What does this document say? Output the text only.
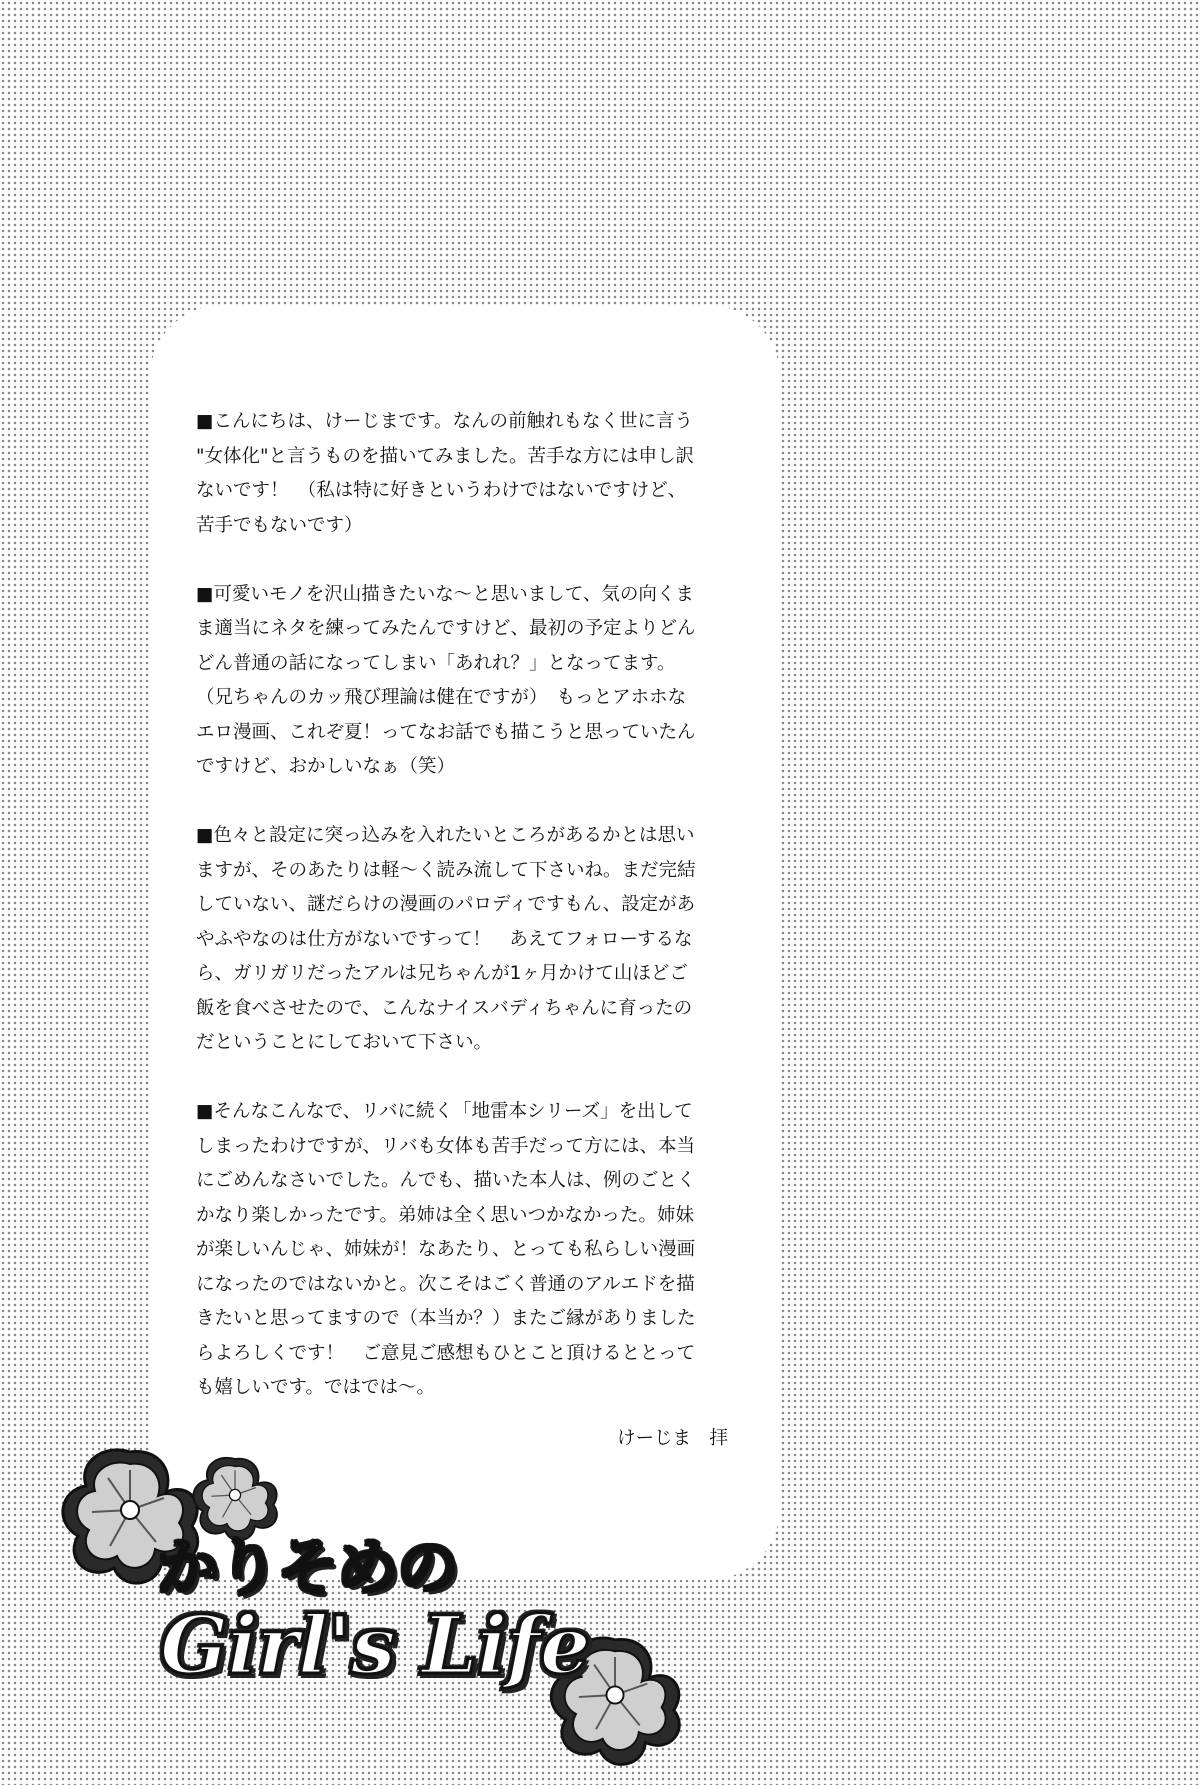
■こんにちは、けーじまです。なんの前触れもなく世に言う
"女体化"と言うものを描いてみました。苦手な方には申し訳
ないです！　（私は特に好きというわけではないですけど、
苦手でもないです）

■可愛いモノを沢山描きたいな～と思いまして、気の向くま
ま適当にネタを練ってみたんですけど、最初の予定よりどん
どん普通の話になってしまい「あれれ？」となってます。
（兄ちゃんのカッ飛び理論は健在ですが）　もっとアホホな
エロ漫画、これぞ夏！ってなお話でも描こうと思っていたん
ですけど、おかしいなぁ（笑）

■色々と設定に突っ込みを入れたいところがあるかとは思い
ますが、そのあたりは軽～く読み流して下さいね。まだ完結
していない、謎だらけの漫画のパロディですもん、設定があ
やふやなのは仕方がないですって！　あえてフォローするな
ら、ガリガリだったアルは兄ちゃんが1ヶ月かけて山ほどご
飯を食べさせたので、こんなナイスバディちゃんに育ったの
だということにしておいて下さい。

■そんなこんなで、リバに続く「地雷本シリーズ」を出して
しまったわけですが、リバも女体も苦手だって方には、本当
にごめんなさいでした。んでも、描いた本人は、例のごとく
かなり楽しかったです。弟姉は全く思いつかなかった。姉妹
が楽しいんじゃ、姉妹が！なあたり、とっても私らしい漫画
になったのではないかと。次こそはごく普通のアルエドを描
きたいと思ってますので（本当か？）またご縁がありました
らよろしくです！　ご意見ご感想もひとこと頂けるととって
も嬉しいです。ではでは～。

けーじま　拝
かりそめの
Girl's Life
